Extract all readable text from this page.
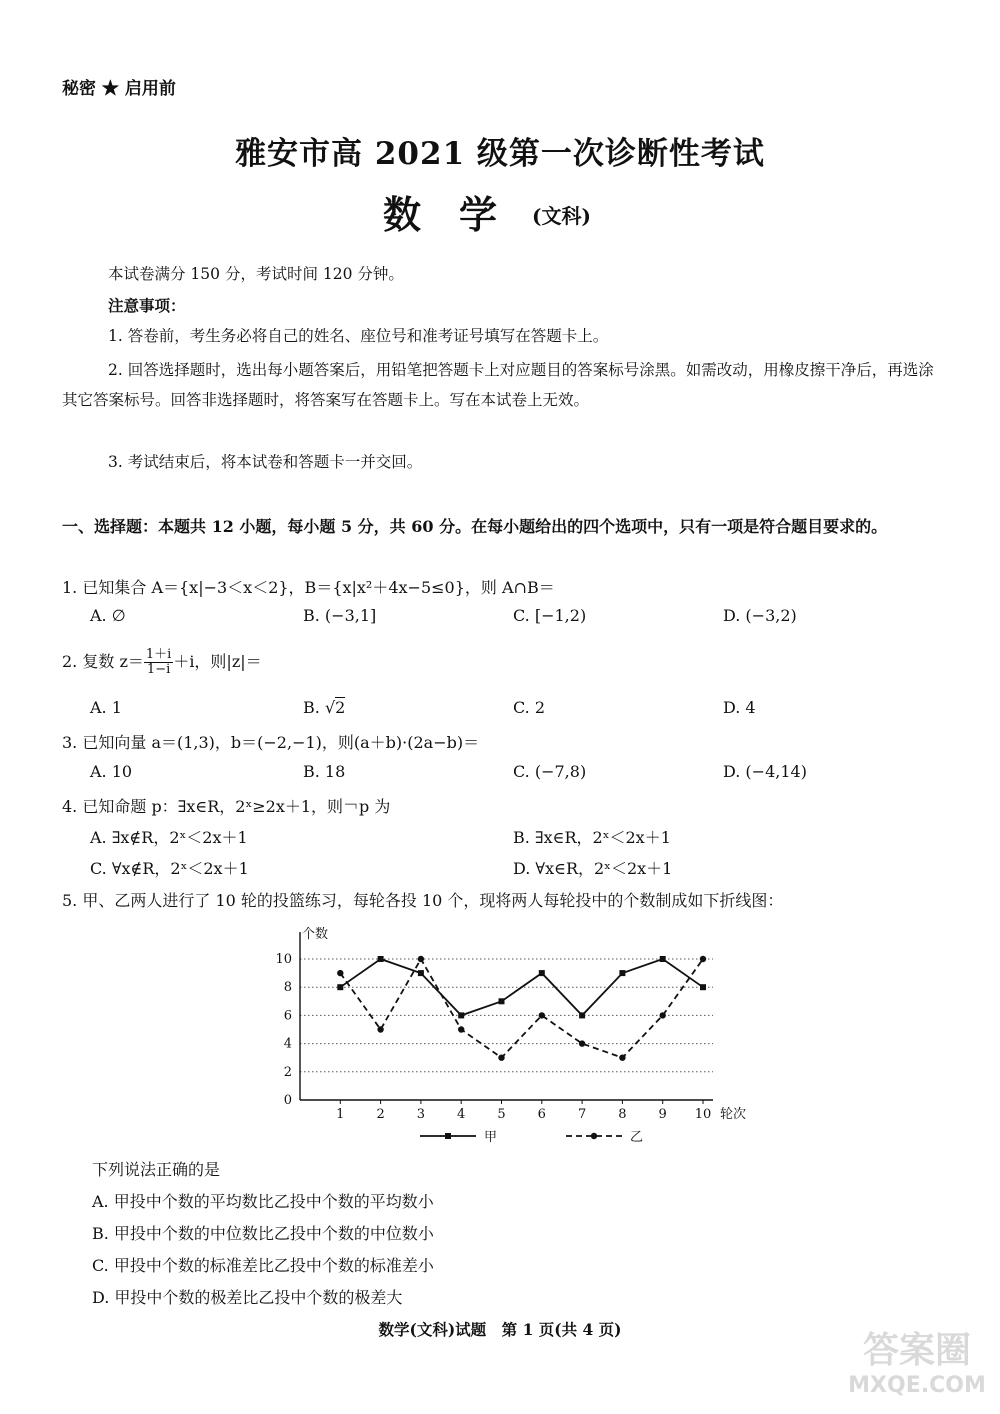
秘密 ★ 启用前
雅安市高 2021 级第一次诊断性考试
数学
(文科)
本试卷满分 150 分，考试时间 120 分钟。
注意事项：
1. 答卷前，考生务必将自己的姓名、座位号和准考证号填写在答题卡上。
2. 回答选择题时，选出每小题答案后，用铅笔把答题卡上对应题目的答案标号涂黑。如需改动，用橡皮擦干净后，再选涂其它答案标号。回答非选择题时，将答案写在答题卡上。写在本试卷上无效。
3. 考试结束后，将本试卷和答题卡一并交回。
一、选择题：本题共 12 小题，每小题 5 分，共 60 分。在每小题给出的四个选项中，只有一项是符合题目要求的。
1. 已知集合 A＝{x|−3＜x＜2}，B＝{x|x²＋4x−5≤0}，则 A∩B＝
A. ∅	B. (−3,1]	C. [−1,2)	D. (−3,2)
2. 复数 $z= \frac{1+i}{1-i} +i$，则|z|＝
A. 1	B. √2	C. 2	D. 4
3. 已知向量 a＝(1,3)，b＝(−2,−1)，则(a＋b)·(2a−b)＝
A. 10	B. 18	C. (−7,8)	D. (−4,14)
4. 已知命题 p：∃x∈R，2ˣ≥2x＋1，则￢p 为
A. ∃x∉R，2ˣ＜2x＋1	B. ∃x∈R，2ˣ＜2x＋1
C. ∀x∉R，2ˣ＜2x＋1	D. ∀x∈R，2ˣ＜2x＋1
5. 甲、乙两人进行了 10 轮的投篮练习，每轮各投 10 个，现将两人每轮投中的个数制成如下折线图：
0
2
4
6
8
10
1 2 3 4 5 6 7 8 9 10
个数
轮次
甲	乙
下列说法正确的是
A. 甲投中个数的平均数比乙投中个数的平均数小
B. 甲投中个数的中位数比乙投中个数的中位数小
C. 甲投中个数的标准差比乙投中个数的标准差小
D. 甲投中个数的极差比乙投中个数的极差大
数学(文科)试题　第 1 页(共 4 页)
答案圈
MXQE.COM
